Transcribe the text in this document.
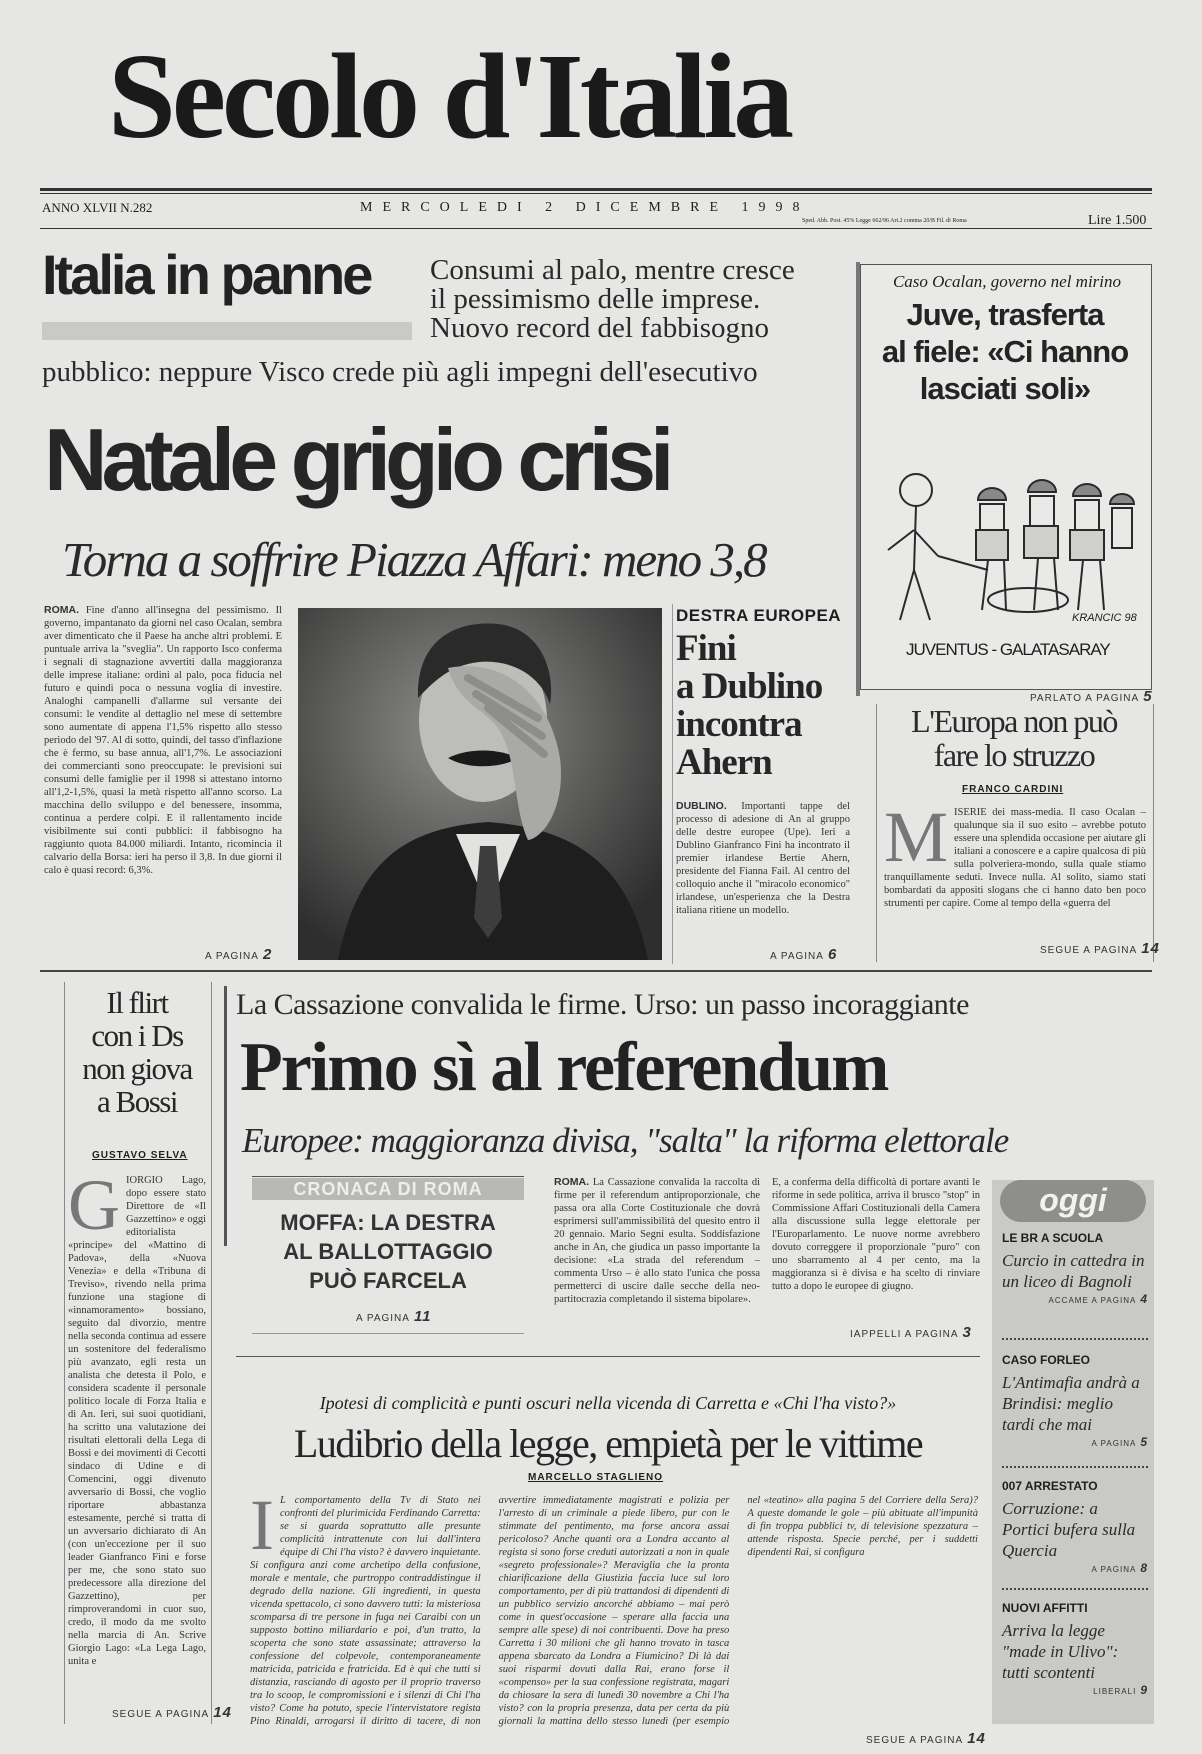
Secolo d'Italia
ANNO XLVII N.282	MERCOLEDI 2 DICEMBRE 1998
Sped. Abb. Post. 45% Legge 662/96 Art.2 comma 20/B Fil. di Roma	Lire 1.500
Italia in panne Consumi al palo, mentre cresce
il pessimismo delle imprese.
Nuovo record del fabbisogno
pubblico: neppure Visco crede più agli impegni dell'esecutivo
Natale grigio crisi
Torna a soffrire Piazza Affari: meno 3,8

ROMA. Fine d'anno all'insegna del pessimismo. Il governo, impantanato da giorni nel caso Ocalan, sembra aver dimenticato che il Paese ha anche altri problemi. E puntuale arriva la "sveglia". Un rapporto Isco conferma i segnali di stagnazione avvertiti dalla maggioranza delle imprese italiane: ordini al palo, poca fiducia nel futuro e quindi poca o nessuna voglia di investire. Analoghi campanelli d'allarme sul versante dei consumi: le vendite al dettaglio nel mese di settembre sono aumentate di appena l'1,5% rispetto allo stesso periodo del '97. Al di sotto, quindi, del tasso d'inflazione che è fermo, su base annua, all'1,7%. Le associazioni dei commercianti sono preoccupate: le previsioni sui consumi delle famiglie per il 1998 si attestano intorno all'1,2-1,5%, quasi la metà rispetto all'anno scorso. La macchina dello sviluppo e del benessere, insomma, continua a perdere colpi. E il rallentamento incide visibilmente sui conti pubblici: il fabbisogno ha raggiunto quota 84.000 miliardi. Intanto, ricomincia il calvario della Borsa: ieri ha perso il 3,8. In due giorni il calo è quasi record: 6,3%.

A PAGINA 2
DESTRA EUROPEA
Fini
a Dublino
incontra
Ahern

DUBLINO. Importanti tappe del processo di adesione di An al gruppo delle destre europee (Upe). Ieri a Dublino Gianfranco Fini ha incontrato il premier irlandese Bertie Ahern, presidente del Fianna Fail. Al centro del colloquio anche il "miracolo economico" irlandese, un'esperienza che la Destra italiana ritiene un modello.

A PAGINA 6
Caso Ocalan, governo nel mirino
Juve, trasferta
al fiele: «Ci hanno
lasciati soli»
KRANCIC 98
JUVENTUS - GALATASARAY
PARLATO A PAGINA 5
L'Europa non può
fare lo struzzo
FRANCO CARDINI
MISERIE dei mass-media. Il caso Ocalan – qualunque sia il suo esito – avrebbe potuto essere una splendida occasione per aiutare gli italiani a conoscere e a capire qualcosa di più sulla polveriera-mondo, sulla quale stiamo tranquillamente seduti. Invece nulla. Al solito, siamo stati bombardati da appositi slogans che ci hanno dato ben poco strumenti per capire. Come al tempo della «guerra del
SEGUE A PAGINA 14
Il flirt
con i Ds
non giova
a Bossi
GUSTAVO SELVA
GIORGIO Lago, dopo essere stato Direttore de «Il Gazzettino» e oggi editorialista «principe» del «Mattino di Padova», della «Nuova Venezia» e della «Tribuna di Treviso», rivendo nella prima funzione una stagione di «innamoramento» bossiano, seguito dal divorzio, mentre nella seconda continua ad essere un sostenitore del federalismo più avanzato, egli resta un analista che detesta il Polo, e considera scadente il personale politico locale di Forza Italia e di An. Ieri, sui suoi quotidiani, ha scritto una valutazione dei risultati elettorali della Lega di Bossi e dei movimenti di Cecotti sindaco di Udine e di Comencini, oggi divenuto avversario di Bossi, che voglio riportare abbastanza estesamente, perché si tratta di un avversario dichiarato di An (con un'eccezione per il suo leader Gianfranco Fini e forse per me, che sono stato suo predecessore alla direzione del Gazzettino), per rimproverandomi in cuor suo, credo, il modo da me svolto nella marcia di An. Scrive Giorgio Lago: «La Lega Lago, unita e
SEGUE A PAGINA 14
La Cassazione convalida le firme. Urso: un passo incoraggiante
Primo sì al referendum
Europee: maggioranza divisa, "salta" la riforma elettorale
CRONACA DI ROMA
MOFFA: LA DESTRA
AL BALLOTTAGGIO
PUÒ FARCELA
A PAGINA 11

ROMA. La Cassazione convalida la raccolta di firme per il referendum antiproporzionale, che passa ora alla Corte Costituzionale che dovrà esprimersi sull'ammissibilità del quesito entro il 20 gennaio. Mario Segni esulta. Soddisfazione anche in An, che giudica un passo importante la decisione: «La strada del referendum – commenta Urso – è allo stato l'unica che possa permetterci di uscire dalle secche della neo-partitocrazia completando il sistema bipolare».

E, a conferma della difficoltà di portare avanti le riforme in sede politica, arriva il brusco "stop" in Commissione Affari Costituzionali della Camera alla discussione sulla legge elettorale per l'Europarlamento. Le nuove norme avrebbero dovuto correggere il proporzionale "puro" con uno sbarramento al 4 per cento, ma la maggioranza si è divisa e ha scelto di rinviare tutto a dopo le europee di giugno.

IAPPELLI A PAGINA 3
oggi
LE BR A SCUOLA
Curcio in cattedra in un liceo di Bagnoli
ACCAME A PAGINA 4
CASO FORLEO
L'Antimafia andrà a Brindisi: meglio tardi che mai
A PAGINA 5
007 ARRESTATO
Corruzione: a Portici bufera sulla Quercia
A PAGINA 8
NUOVI AFFITTI
Arriva la legge "made in Ulivo": tutti scontenti
LIBERALI 9
Ipotesi di complicità e punti oscuri nella vicenda di Carretta e «Chi l'ha visto?»
Ludibrio della legge, empietà per le vittime
MARCELLO STAGLIENO
I L comportamento della Tv di Stato nei confronti del plurimicida Ferdinando Carretta: se si guarda soprattutto alle presunte complicità intrattenute con lui dall'intera équipe di Chi l'ha visto? è davvero inquietante. Si configura anzi come archetipo della confusione, morale e mentale, che purtroppo contraddistingue il degrado della nazione. Gli ingredienti, in questa vicenda spettacolo, ci sono davvero tutti: la misteriosa scomparsa di tre persone in fuga nei Caraibi con un supposto bottino miliardario e poi, d'un tratto, la scoperta che sono state assassinate; attraverso la confessione del colpevole, contemporaneamente matricida, patricida e fratricida. Ed è qui che tutti si distanzia, rasciando di agosto per il proprio traverso tra lo scoop, le compromissioni e i silenzi di Chi l'ha visto? Come ha potuto, specie l'intervistatore regista Pino Rinaldi, arrogarsi il diritto di tacere, di non avvertire immediatamente magistrati e polizia per l'arresto di un criminale a piede libero, pur con le stimmate del pentimento, ma forse ancora assai pericoloso? Anche quanti ora a Londra accanto al regista si sono forse creduti autorizzati a non in quale «segreto professionale»? Meraviglia che la pronta chiarificazione della Giustizia faccia luce sul loro comportamento, per di più trattandosi di dipendenti di un pubblico servizio ancorché abbiamo – mai però come in quest'occasione – sperare alla faccia una sempre alle spese) di noi contribuenti. Dove ha preso Carretta i 30 milioni che gli hanno trovato in tasca appena sbarcato da Londra a Fiumicino? Di là dai suoi risparmi dovuti dalla Rai, erano forse il «compenso» per la sua confessione registrata, magari da chiosare la sera di lunedì 30 novembre a Chi l'ha visto? con la propria presenza, data per certa da più giornali la mattina dello stesso lunedì (per esempio nel «teatino» alla pagina 5 del Corriere della Sera)? A queste domande le gole – più abituate all'impunità di fin troppa pubblici tv, di televisione spezzatura – attende risposta. Specie perché, per i suddetti dipendenti Rai, si configura
SEGUE A PAGINA 14
